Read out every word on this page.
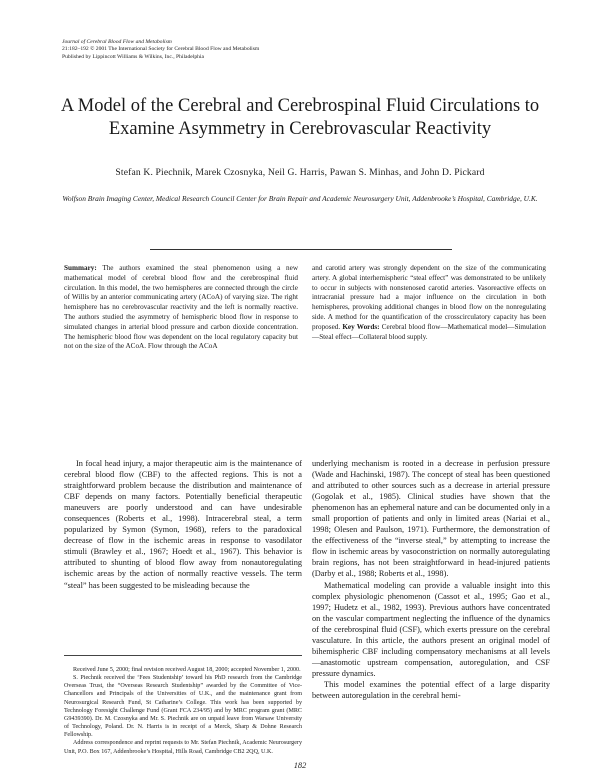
Journal of Cerebral Blood Flow and Metabolism
21:182–192 © 2001 The International Society for Cerebral Blood Flow and Metabolism
Published by Lippincott Williams & Wilkins, Inc., Philadelphia
A Model of the Cerebral and Cerebrospinal Fluid Circulations to Examine Asymmetry in Cerebrovascular Reactivity
Stefan K. Piechnik, Marek Czosnyka, Neil G. Harris, Pawan S. Minhas, and John D. Pickard
Wolfson Brain Imaging Center, Medical Research Council Center for Brain Repair and Academic Neurosurgery Unit, Addenbrooke’s Hospital, Cambridge, U.K.
Summary: The authors examined the steal phenomenon using a new mathematical model of cerebral blood flow and the cerebrospinal fluid circulation. In this model, the two hemispheres are connected through the circle of Willis by an anterior communicating artery (ACoA) of varying size. The right hemisphere has no cerebrovascular reactivity and the left is normally reactive. The authors studied the asymmetry of hemispheric blood flow in response to simulated changes in arterial blood pressure and carbon dioxide concentration. The hemispheric blood flow was dependent on the local regulatory capacity but not on the size of the ACoA. Flow through the ACoA
and carotid artery was strongly dependent on the size of the communicating artery. A global interhemispheric “steal effect” was demonstrated to be unlikely to occur in subjects with nonstenosed carotid arteries. Vasoreactive effects on intracranial pressure had a major influence on the circulation in both hemispheres, provoking additional changes in blood flow on the nonregulating side. A method for the quantification of the crosscirculatory capacity has been proposed. Key Words: Cerebral blood flow—Mathematical model—Simulation—Steal effect—Collateral blood supply.

In focal head injury, a major therapeutic aim is the maintenance of cerebral blood flow (CBF) to the affected regions. This is not a straightforward problem because the distribution and maintenance of CBF depends on many factors. Potentially beneficial therapeutic maneuvers are poorly understood and can have undesirable consequences (Roberts et al., 1998). Intracerebral steal, a term popularized by Symon (Symon, 1968), refers to the paradoxical decrease of flow in the ischemic areas in response to vasodilator stimuli (Brawley et al., 1967; Hoedt et al., 1967). This behavior is attributed to shunting of blood flow away from nonautoregulating ischemic areas by the action of normally reactive vessels. The term “steal” has been suggested to be misleading because the

underlying mechanism is rooted in a decrease in perfusion pressure (Wade and Hachinski, 1987). The concept of steal has been questioned and attributed to other sources such as a decrease in arterial pressure (Gogolak et al., 1985). Clinical studies have shown that the phenomenon has an ephemeral nature and can be documented only in a small proportion of patients and only in limited areas (Nariai et al., 1998; Olesen and Paulson, 1971). Furthermore, the demonstration of the effectiveness of the “inverse steal,” by attempting to increase the flow in ischemic areas by vasoconstriction on normally autoregulating brain regions, has not been straightforward in head-injured patients (Darby et al., 1988; Roberts et al., 1998).

Mathematical modeling can provide a valuable insight into this complex physiologic phenomenon (Cassot et al., 1995; Gao et al., 1997; Hudetz et al., 1982, 1993). Previous authors have concentrated on the vascular compartment neglecting the influence of the dynamics of the cerebrospinal fluid (CSF), which exerts pressure on the cerebral vasculature. In this article, the authors present an original model of bihemispheric CBF including compensatory mechanisms at all levels—anastomotic upstream compensation, autoregulation, and CSF pressure dynamics.

This model examines the potential effect of a large disparity between autoregulation in the cerebral hemi-

Received June 5, 2000; final revision received August 18, 2000; accepted November 1, 2000.

S. Piechnik received the ‘Fees Studentship’ toward his PhD research from the Cambridge Overseas Trust, the “Overseas Research Studentship” awarded by the Committee of Vice-Chancellors and Principals of the Universities of U.K., and the maintenance grant from Neurosurgical Research Fund, St Catharine’s College. This work has been supported by Technology Foresight Challenge Fund (Grant FCA 234/95) and by MRC program grant (MRC G9439390). Dr. M. Czosnyka and Mr. S. Piechnik are on unpaid leave from Warsaw University of Technology, Poland. Dr. N. Harris is in receipt of a Merck, Sharp & Dohne Research Fellowship.

Address correspondence and reprint requests to Mr. Stefan Piechnik, Academic Neurosurgery Unit, P.O. Box 167, Addenbrooke’s Hospital, Hills Road, Cambridge CB2 2QQ, U.K.

182
